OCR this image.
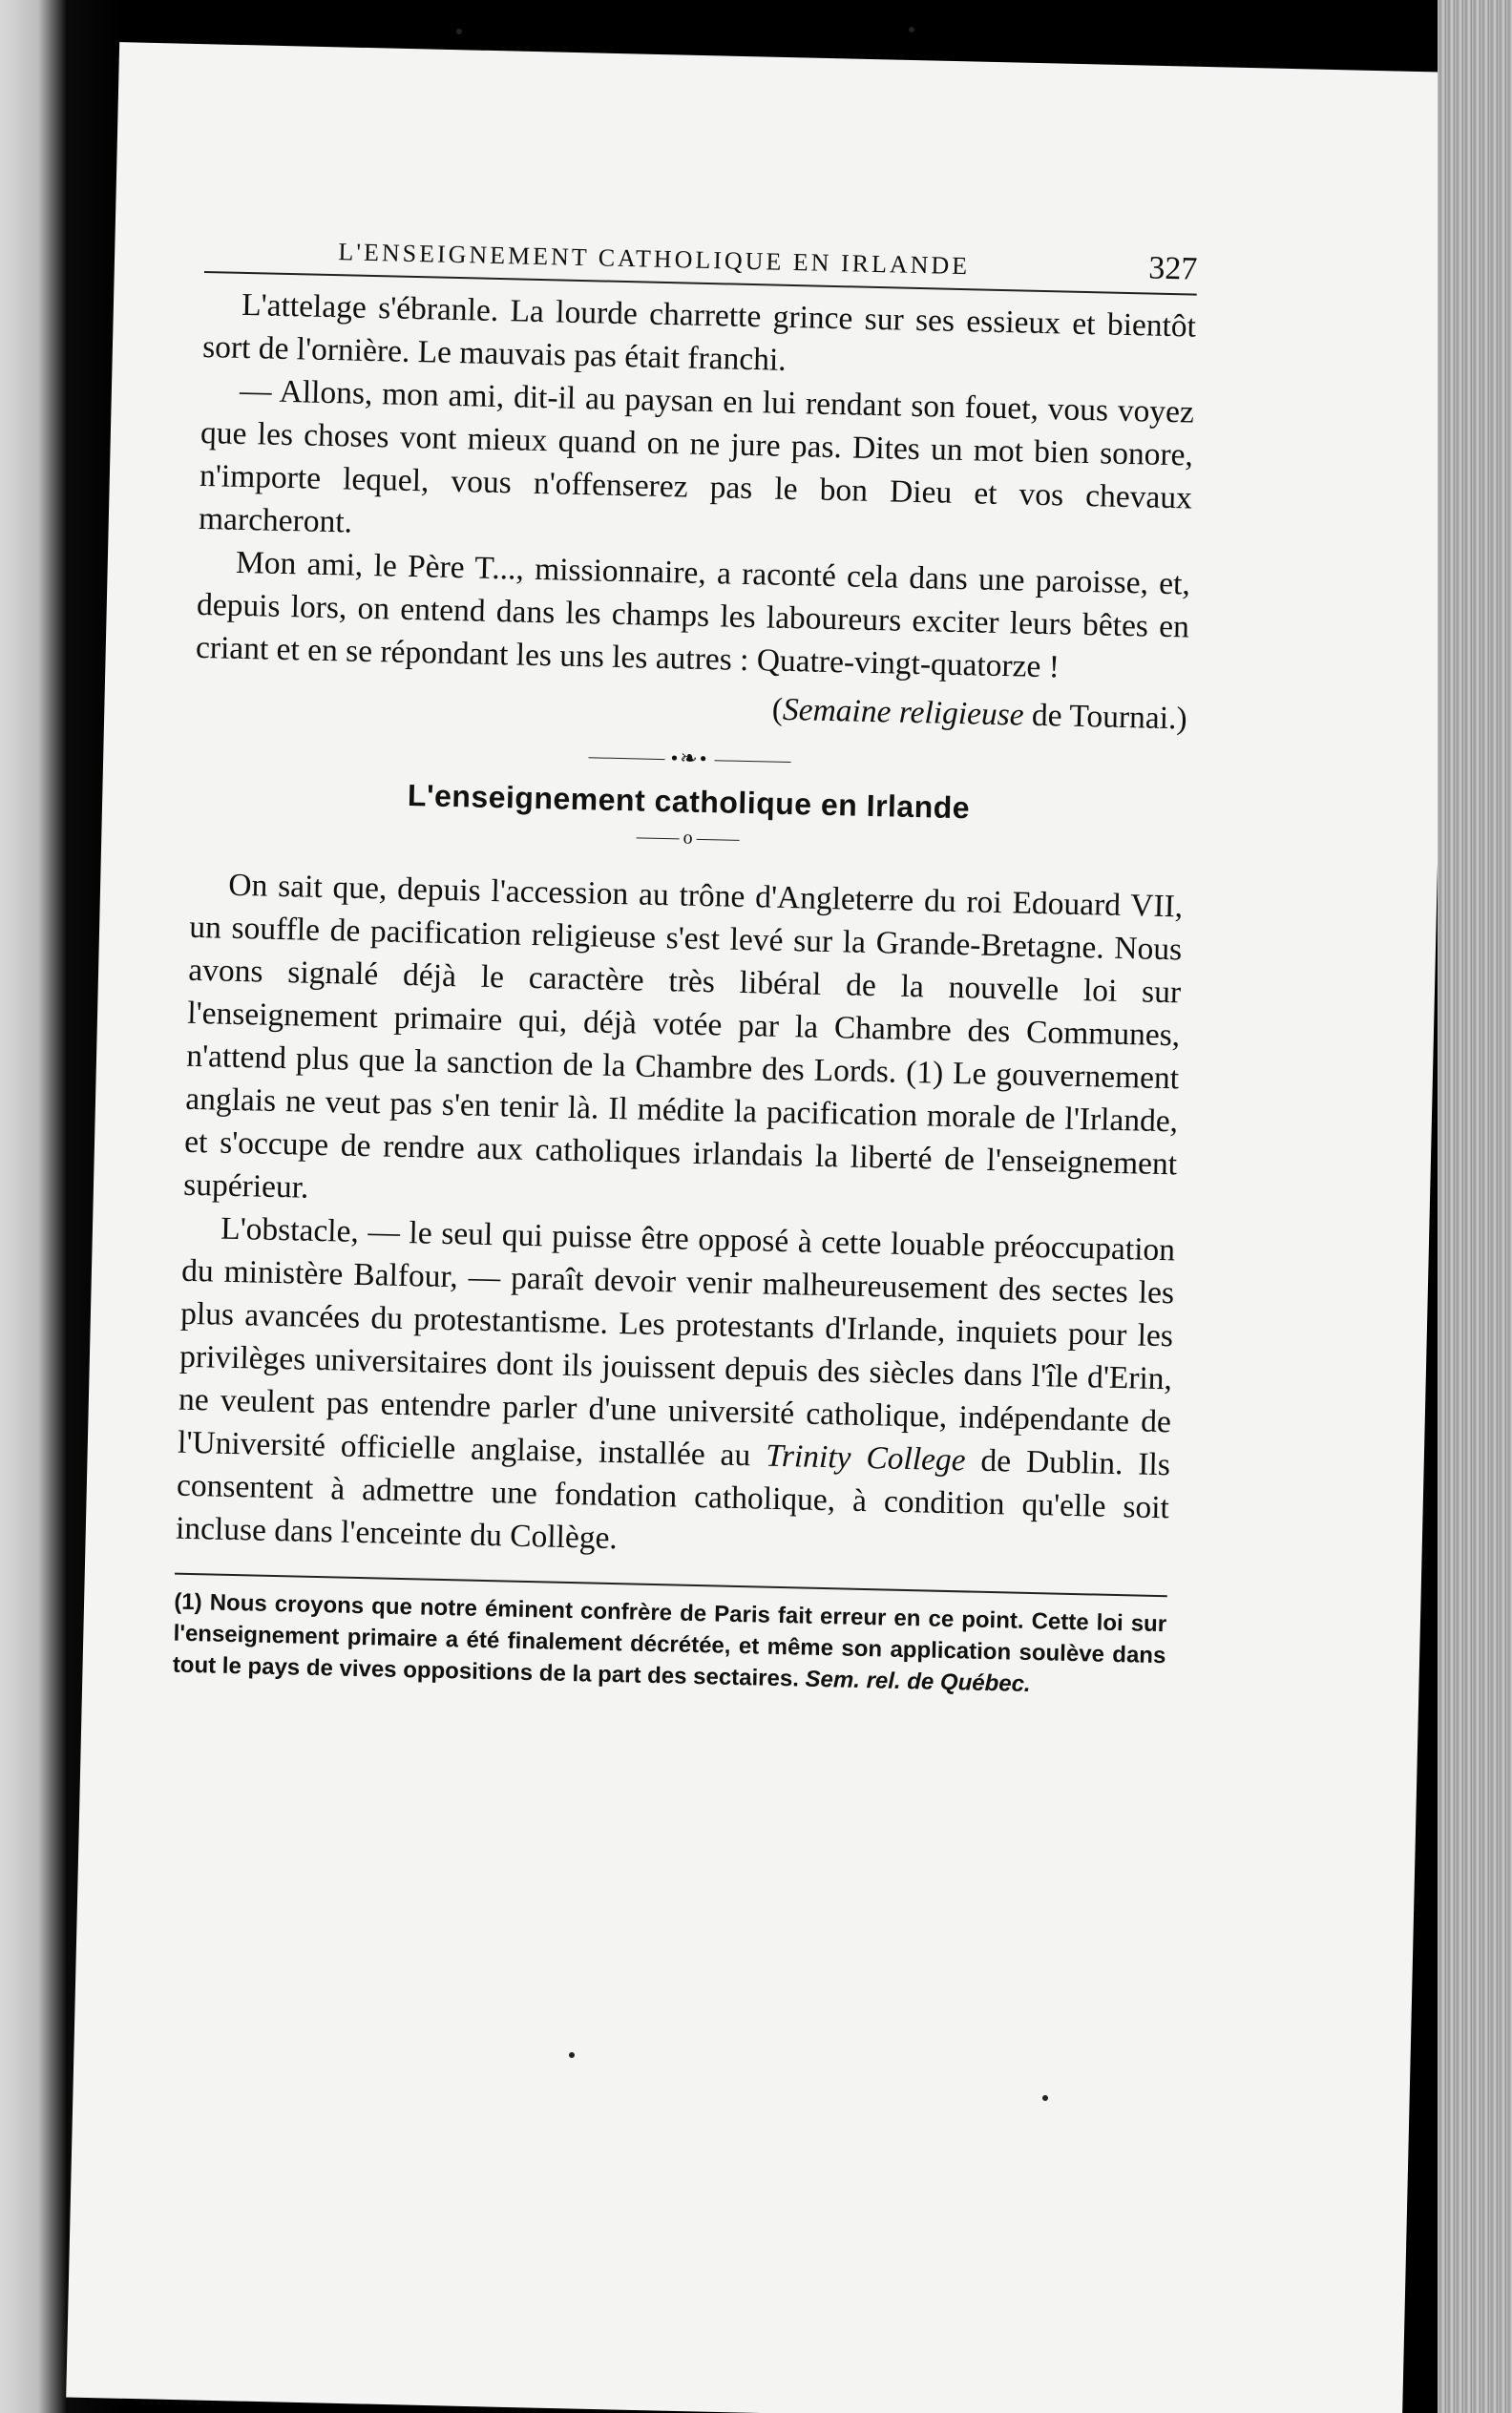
L'ENSEIGNEMENT CATHOLIQUE EN IRLANDE	327

L'attelage s'ébranle. La lourde charrette grince sur ses essieux et bientôt sort de l'ornière. Le mauvais pas était franchi.

— Allons, mon ami, dit-il au paysan en lui rendant son fouet, vous voyez que les choses vont mieux quand on ne jure pas. Dites un mot bien sonore, n'importe lequel, vous n'offenserez pas le bon Dieu et vos chevaux marcheront.

Mon ami, le Père T..., missionnaire, a raconté cela dans une paroisse, et, depuis lors, on entend dans les champs les laboureurs exciter leurs bêtes en criant et en se répondant les uns les autres : Quatre-vingt-quatorze !

(Semaine religieuse de Tournai.)

•❧•
L'enseignement catholique en Irlande
o

On sait que, depuis l'accession au trône d'Angleterre du roi Edouard VII, un souffle de pacification religieuse s'est levé sur la Grande-Bretagne. Nous avons signalé déjà le caractère très libéral de la nouvelle loi sur l'enseignement primaire qui, déjà votée par la Chambre des Communes, n'attend plus que la sanction de la Chambre des Lords. (1) Le gouvernement anglais ne veut pas s'en tenir là. Il médite la pacification morale de l'Irlande, et s'occupe de rendre aux catholiques irlandais la liberté de l'enseignement supérieur.

L'obstacle, — le seul qui puisse être opposé à cette louable préoccupation du ministère Balfour, — paraît devoir venir malheureusement des sectes les plus avancées du protestantisme. Les protestants d'Irlande, inquiets pour les privilèges universitaires dont ils jouissent depuis des siècles dans l'île d'Erin, ne veulent pas entendre parler d'une université catholique, indépendante de l'Université officielle anglaise, installée au Trinity College de Dublin. Ils consentent à admettre une fondation catholique, à condition qu'elle soit incluse dans l'enceinte du Collège.

(1) Nous croyons que notre éminent confrère de Paris fait erreur en ce point. Cette loi sur l'enseignement primaire a été finalement décrétée, et même son application soulève dans tout le pays de vives oppositions de la part des sectaires. Sem. rel. de Québec.
